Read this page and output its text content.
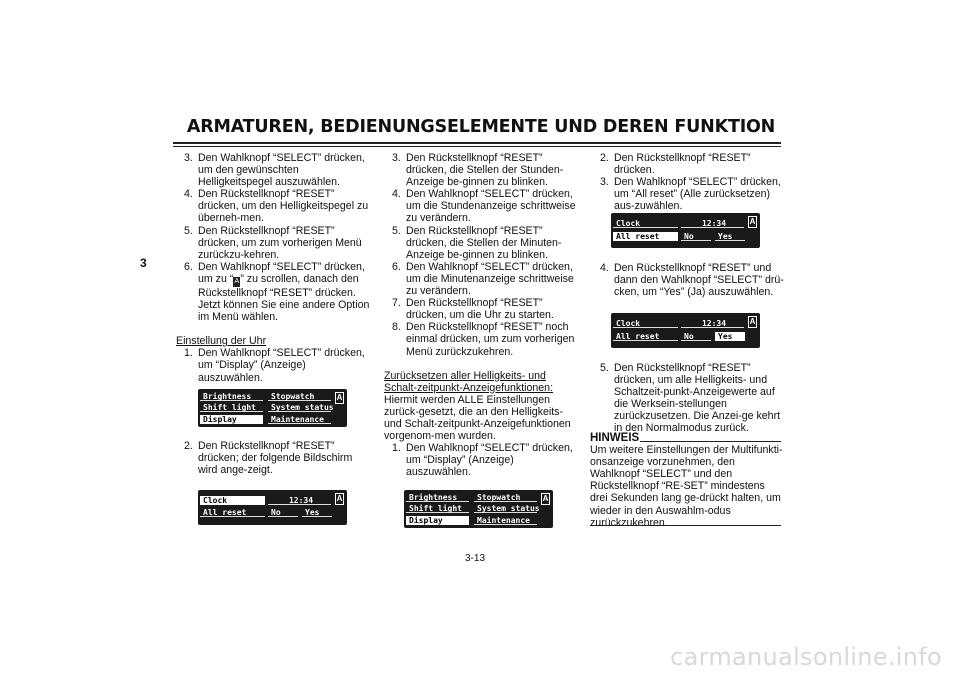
ARMATUREN, BEDIENUNGSELEMENTE UND DEREN FUNKTION
3
3. Den Wahlknopf “SELECT” drücken, um den gewünschten Helligkeitspegel auszuwählen.
4. Den Rückstellknopf “RESET” drücken, um den Helligkeitspegel zu überneh-men.
5. Den Rückstellknopf “RESET” drücken, um zum vorherigen Menü zurückzu-kehren.
6. Den Wahlknopf “SELECT” drücken, um zu “A” zu scrollen, danach den Rückstellknopf “RESET” drücken. Jetzt können Sie eine andere Option im Menü wählen.

Einstellung der Uhr

1. Den Wahlknopf “SELECT” drücken, um “Display” (Anzeige) auszuwählen.
2. Den Rückstellknopf “RESET” drücken; der folgende Bildschirm wird ange-zeigt.
Brightness	Stopwatch
Shift light	System status
Display	Maintenance
A
Clock	12:34
All reset	No	Yes
A
3. Den Rückstellknopf “RESET” drücken, die Stellen der Stunden-Anzeige be-ginnen zu blinken.
4. Den Wahlknopf “SELECT” drücken, um die Stundenanzeige schrittweise zu verändern.
5. Den Rückstellknopf “RESET” drücken, die Stellen der Minuten-Anzeige be-ginnen zu blinken.
6. Den Wahlknopf “SELECT” drücken, um die Minutenanzeige schrittweise zu verändern.
7. Den Rückstellknopf “RESET” drücken, um die Uhr zu starten.
8. Den Rückstellknopf “RESET” noch einmal drücken, um zum vorherigen Menü zurückzukehren.

Zurücksetzen aller Helligkeits- und Schalt-zeitpunkt-Anzeigefunktionen:

Hiermit werden ALLE Einstellungen zurück-gesetzt, die an den Helligkeits- und Schalt-zeitpunkt-Anzeigefunktionen vorgenom-men wurden.

1. Den Wahlknopf “SELECT” drücken, um “Display” (Anzeige) auszuwählen.
Brightness	Stopwatch
Shift light	System status
Display	Maintenance
A
2. Den Rückstellknopf “RESET” drücken.
3. Den Wahlknopf “SELECT” drücken, um “All reset” (Alle zurücksetzen) aus-zuwählen.
Clock	12:34
All reset	No	Yes
A
4. Den Rückstellknopf “RESET” und dann den Wahlknopf “SELECT” drü-cken, um “Yes” (Ja) auszuwählen.
Clock	12:34
All reset	No	Yes
A
5. Den Rückstellknopf “RESET” drücken, um alle Helligkeits- und Schaltzeit-punkt-Anzeigewerte auf die Werksein-stellungen zurückzusetzen. Die Anzei-ge kehrt in den Normalmodus zurück.
HINWEIS

Um weitere Einstellungen der Multifunkti-onsanzeige vorzunehmen, den Wahlknopf “SELECT” und den Rückstellknopf “RE-SET” mindestens drei Sekunden lang ge-drückt halten, um wieder in den Auswahlm-odus zurückzukehren.

3-13
carmanualsonline.info
